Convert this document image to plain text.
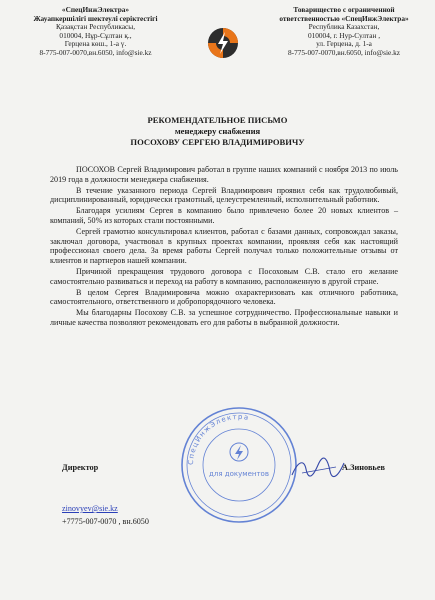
«СпецИнжЭлектра»
Жауапкершілігі шектеулі серіктестігі
Қазақстан Республикасы,
010004, Нұр-Сұлтан қ.,
Герцена көш., 1-а ү.
8-775-007-0070,вн.6050, info@sie.kz
Товарищество с ограниченной
ответственностью «СпецИнжЭлектра»
Республика Казахстан,
010004, г. Нур-Султан ,
ул. Герцена, д. 1-а
8-775-007-0070,вн.6050, info@sie.kz
РЕКОМЕНДАТЕЛЬНОЕ ПИСЬМО
менеджеру снабжения
ПОСОХОВУ СЕРГЕЮ ВЛАДИМИРОВИЧУ

ПОСОХОВ Сергей Владимирович работал в группе наших компаний с ноября 2013 по июль 2019 года в должности менеджера снабжения.

В течение указанного периода Сергей Владимирович проявил себя как трудолюбивый, дисциплинированный, юридически грамотный, целеустремленный, исполнительный работник.

Благодаря усилиям Сергея в компанию было привлечено более 20 новых клиентов – компаний, 50% из которых стали постоянными.

Сергей грамотно консультировал клиентов, работал с базами данных, сопровождал заказы, заключал договора, участвовал в крупных проектах компании, проявляя себя как настоящий профессионал своего дела. За время работы Сергей получал только положительные отзывы от клиентов и партнеров нашей компании.

Причиной прекращения трудового договора с Посоховым С.В. стало его желание самостоятельно развиваться и переход на работу в компанию, расположенную в другой стране.

В целом Сергея Владимировича можно охарактеризовать как отличного работника, самостоятельного, ответственного и добропорядочного человека.

Мы благодарны Посохову С.В. за успешное сотрудничество. Профессиональные навыки и личные качества позволяют рекомендовать его для работы в выбранной должности.

СпецИнжЭлектра
для документов
Директор	А.Зиновьев
zinovyev@sie.kz
+7775-007-0070 , вн.6050
